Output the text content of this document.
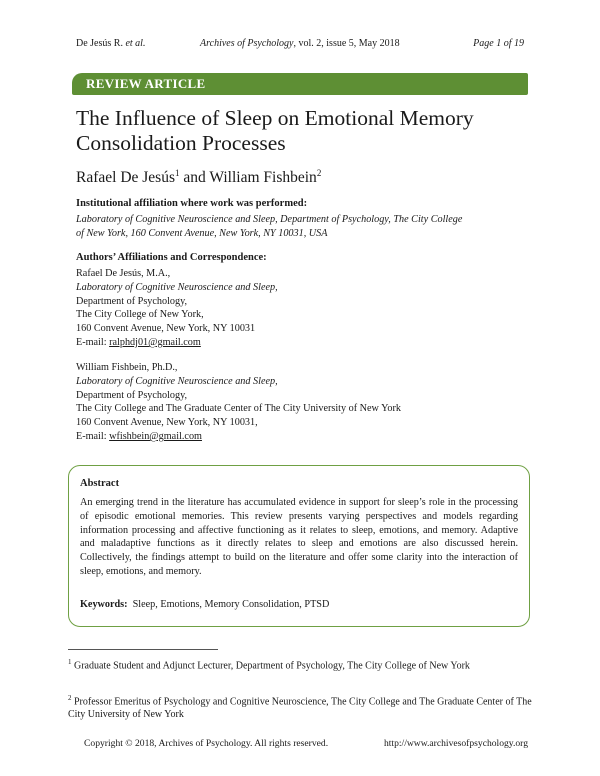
De Jesús R. et al.	Archives of Psychology, vol. 2, issue 5, May 2018	Page 1 of 19
REVIEW ARTICLE
The Influence of Sleep on Emotional Memory
Consolidation Processes
Rafael De Jesús$^1$ and William Fishbein$^2$
Institutional affiliation where work was performed:
Laboratory of Cognitive Neuroscience and Sleep, Department of Psychology, The City College
of New York, 160 Convent Avenue, New York, NY 10031, USA
Authors’ Affiliations and Correspondence:
Rafael De Jesús, M.A.,
Laboratory of Cognitive Neuroscience and Sleep,
Department of Psychology,
The City College of New York,
160 Convent Avenue, New York, NY 10031
E-mail: ralphdj01@gmail.com
William Fishbein, Ph.D.,
Laboratory of Cognitive Neuroscience and Sleep,
Department of Psychology,
The City College and The Graduate Center of The City University of New York
160 Convent Avenue, New York, NY 10031,
E-mail: wfishbein@gmail.com
Abstract
An emerging trend in the literature has accumulated evidence in support for sleep’s role in the processing of episodic emotional memories. This review presents varying perspectives and models regarding information processing and affective functioning as it relates to sleep, emotions, and memory. Adaptive and maladaptive functions as it directly relates to sleep and emotions are also discussed herein. Collectively, the findings attempt to build on the literature and offer some clarity into the interaction of sleep, emotions, and memory.
Keywords: Sleep, Emotions, Memory Consolidation, PTSD
$^1$ Graduate Student and Adjunct Lecturer, Department of Psychology, The City College of New York
$^2$ Professor Emeritus of Psychology and Cognitive Neuroscience, The City College and The Graduate Center of The City University of New York
Copyright © 2018, Archives of Psychology. All rights reserved.	http://www.archivesofpsychology.org
